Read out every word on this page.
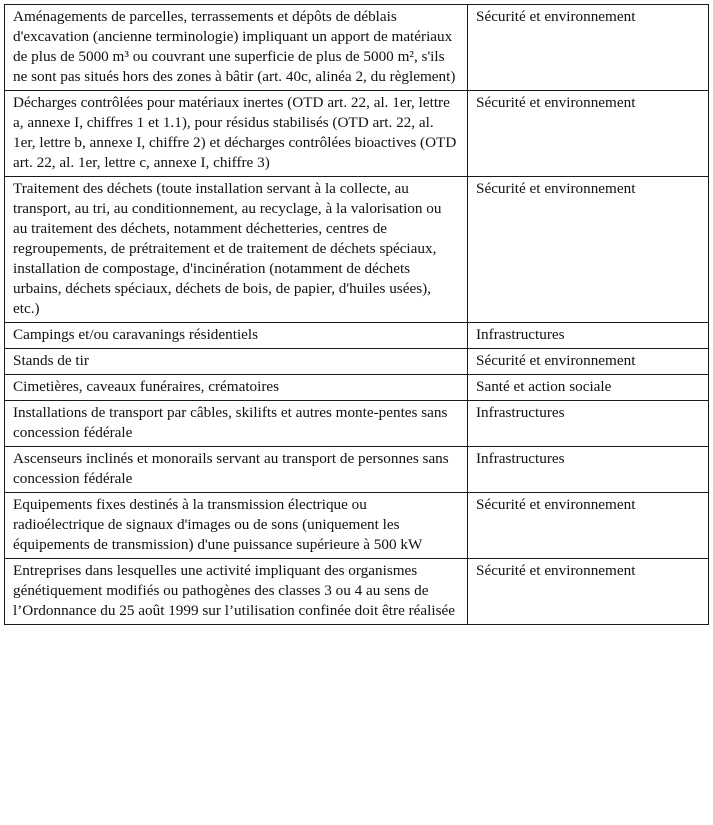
Aménagements de parcelles, terrassements et dépôts de déblais d'excavation (ancienne terminologie) impliquant un apport de matériaux de plus de 5000 m³ ou couvrant une superficie de plus de 5000 m², s'ils ne sont pas situés hors des zones à bâtir (art. 40c, alinéa 2, du règlement)	Sécurité et environnement
Décharges contrôlées pour matériaux inertes (OTD art. 22, al. 1er, lettre a, annexe I, chiffres 1 et 1.1), pour résidus stabilisés (OTD art. 22, al. 1er, lettre b, annexe I, chiffre 2) et décharges contrôlées bioactives (OTD art. 22, al. 1er, lettre c, annexe I, chiffre 3)	Sécurité et environnement
Traitement des déchets (toute installation servant à la collecte, au transport, au tri, au conditionnement, au recyclage, à la valorisation ou au traitement des déchets, notamment déchetteries, centres de regroupements, de prétraitement et de traitement de déchets spéciaux, installation de compostage, d'incinération (notamment de déchets urbains, déchets spéciaux, déchets de bois, de papier, d'huiles usées), etc.)	Sécurité et environnement
Campings et/ou caravanings résidentiels	Infrastructures
Stands de tir	Sécurité et environnement
Cimetières, caveaux funéraires, crématoires	Santé et action sociale
Installations de transport par câbles, skilifts et autres monte-pentes sans concession fédérale	Infrastructures
Ascenseurs inclinés et monorails servant au transport de personnes sans concession fédérale	Infrastructures
Equipements fixes destinés à la transmission électrique ou radioélectrique de signaux d'images ou de sons (uniquement les équipements de transmission) d'une puissance supérieure à 500 kW	Sécurité et environnement
Entreprises dans lesquelles une activité impliquant des organismes génétiquement modifiés ou pathogènes des classes 3 ou 4 au sens de l’Ordonnance du 25 août 1999 sur l’utilisation confinée doit être réalisée	Sécurité et environnement
